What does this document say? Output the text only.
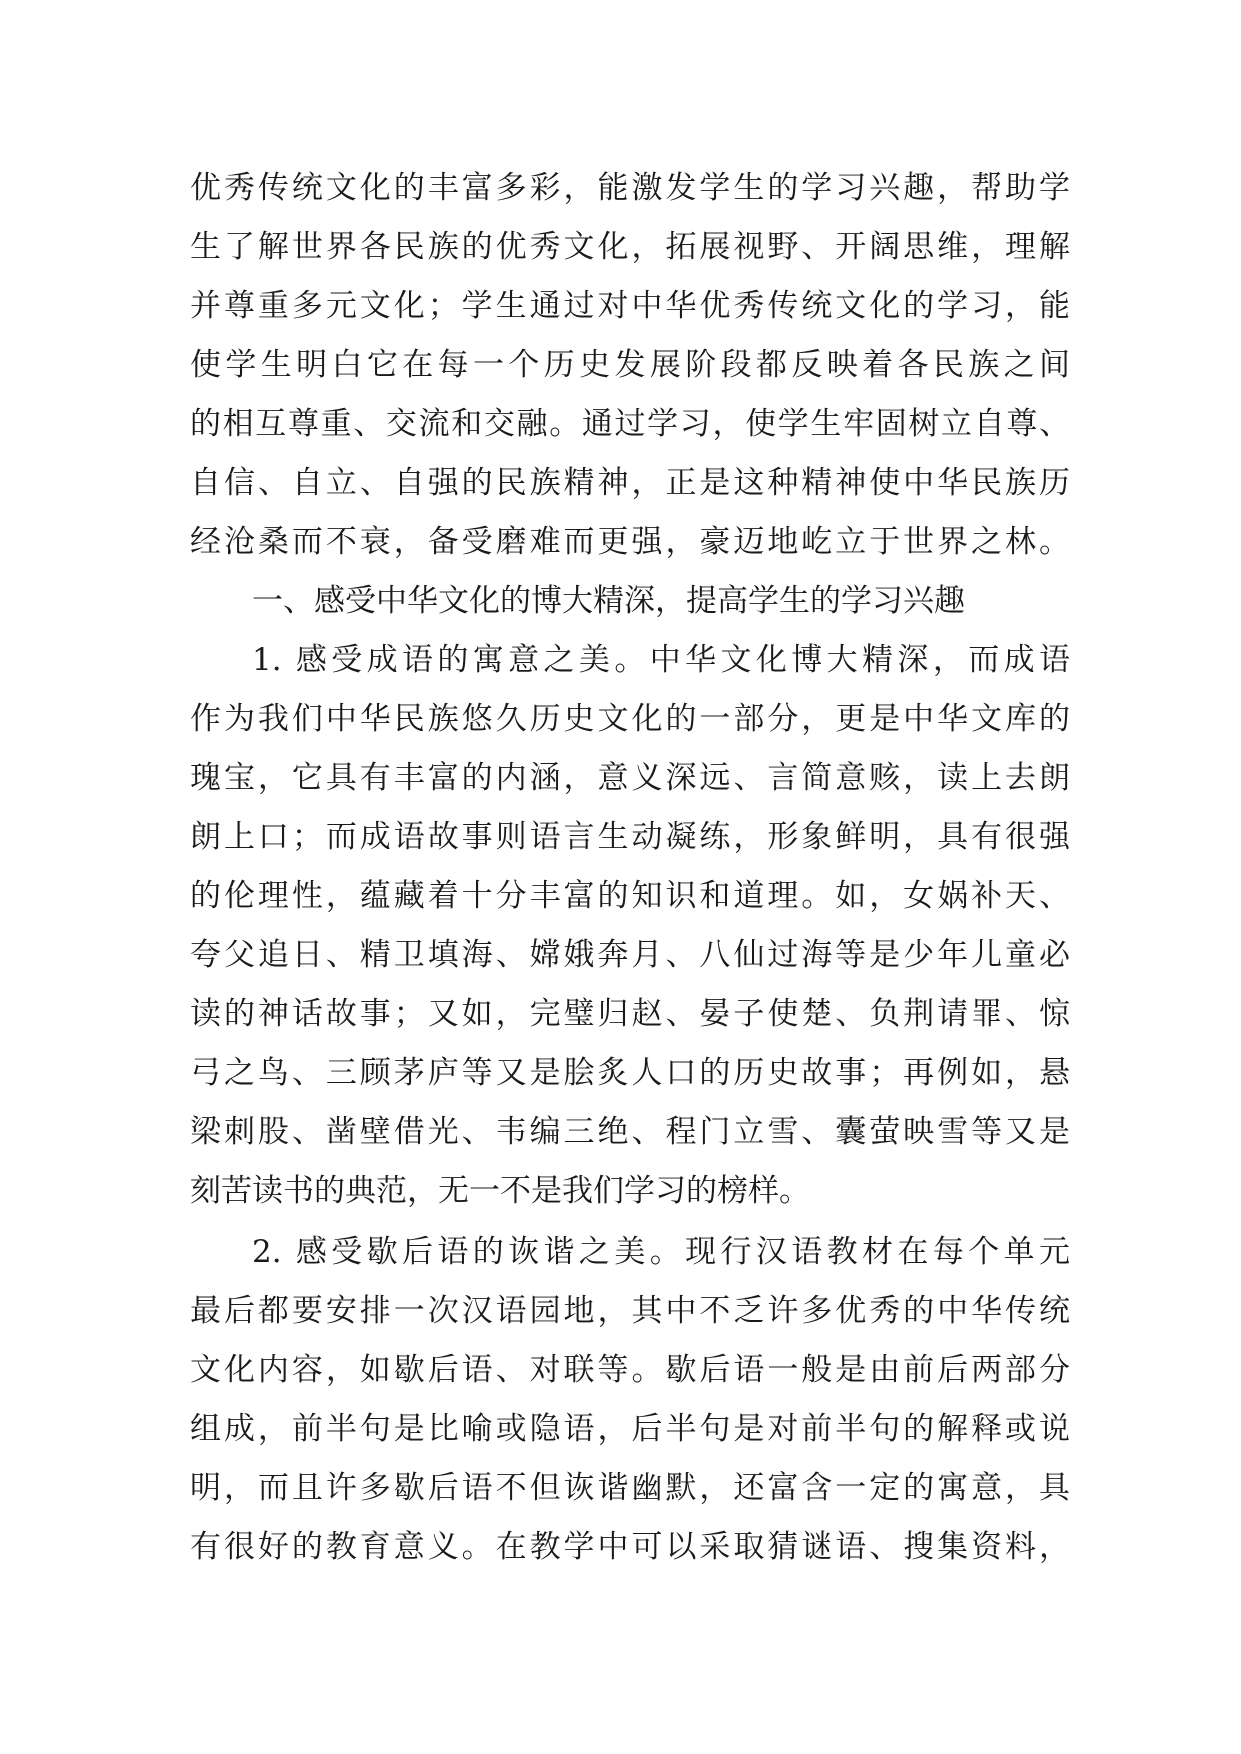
优秀传统文化的丰富多彩，能激发学生的学习兴趣，帮助学
生了解世界各民族的优秀文化，拓展视野、开阔思维，理解
并尊重多元文化；学生通过对中华优秀传统文化的学习，能
使学生明白它在每一个历史发展阶段都反映着各民族之间
的相互尊重、交流和交融。通过学习，使学生牢固树立自尊、
自信、自立、自强的民族精神，正是这种精神使中华民族历
经沧桑而不衰，备受磨难而更强，豪迈地屹立于世界之林。
一、感受中华文化的博大精深，提高学生的学习兴趣
1. 感受成语的寓意之美。中华文化博大精深，而成语
作为我们中华民族悠久历史文化的一部分，更是中华文库的
瑰宝，它具有丰富的内涵，意义深远、言简意赅，读上去朗
朗上口；而成语故事则语言生动凝练，形象鲜明，具有很强
的伦理性，蕴藏着十分丰富的知识和道理。如，女娲补天、
夸父追日、精卫填海、嫦娥奔月、八仙过海等是少年儿童必
读的神话故事；又如，完璧归赵、晏子使楚、负荆请罪、惊
弓之鸟、三顾茅庐等又是脍炙人口的历史故事；再例如，悬
梁刺股、凿壁借光、韦编三绝、程门立雪、囊萤映雪等又是
刻苦读书的典范，无一不是我们学习的榜样。
2. 感受歇后语的诙谐之美。现行汉语教材在每个单元
最后都要安排一次汉语园地，其中不乏许多优秀的中华传统
文化内容，如歇后语、对联等。歇后语一般是由前后两部分
组成，前半句是比喻或隐语，后半句是对前半句的解释或说
明，而且许多歇后语不但诙谐幽默，还富含一定的寓意，具
有很好的教育意义。在教学中可以采取猜谜语、搜集资料，
